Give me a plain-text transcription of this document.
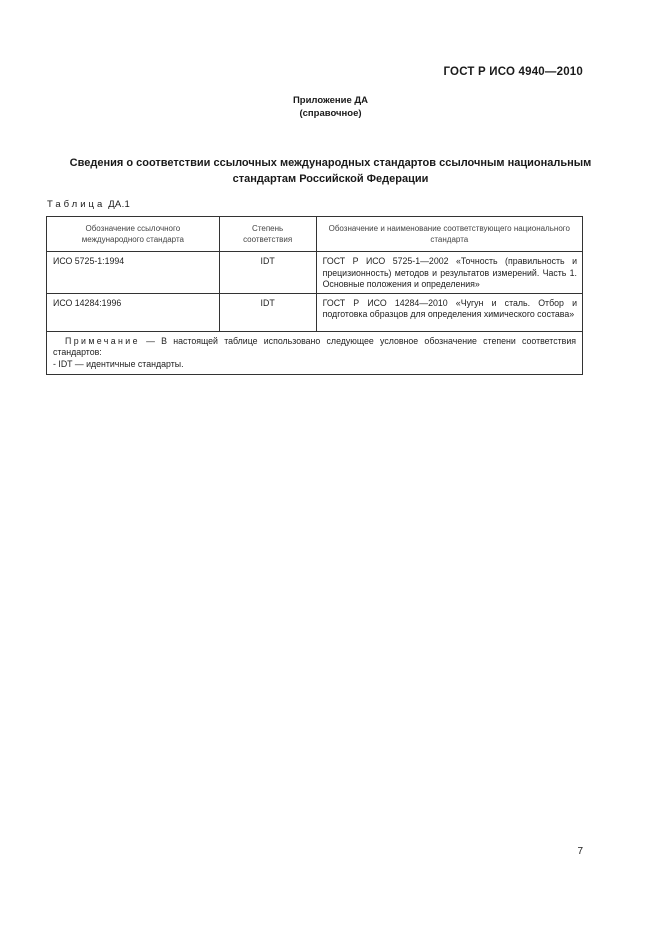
ГОСТ Р ИСО 4940—2010
Приложение ДА
(справочное)
Сведения о соответствии ссылочных международных стандартов ссылочным национальным
стандартам Российской Федерации
Таблица ДА.1
Обозначение ссылочного международного стандарта	Степень соответствия	Обозначение и наименование соответствующего национального стандарта
ИСО 5725-1:1994	IDT	ГОСТ Р ИСО 5725-1—2002 «Точность (правильность и прецизионность) методов и результатов измерений. Часть 1. Основные положения и определения»
ИСО 14284:1996	IDT	ГОСТ Р ИСО 14284—2010 «Чугун и сталь. Отбор и подготовка образцов для определения химического состава»

Примечание — В настоящей таблице использовано следующее условное обозначение степени соответствия стандартов:
- IDT — идентичные стандарты.		
7
